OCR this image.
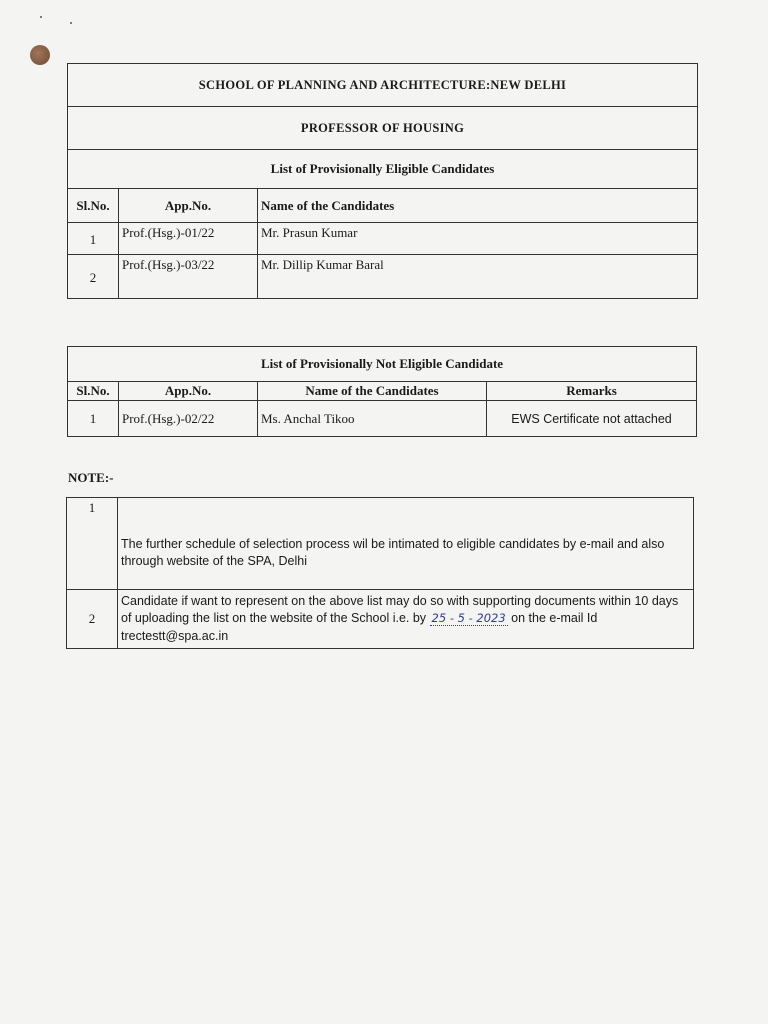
SCHOOL OF PLANNING AND ARCHITECTURE:NEW DELHI		
PROFESSOR OF HOUSING		
List of Provisionally Eligible Candidates		
Sl.No.	App.No.	Name of the Candidates
1	Prof.(Hsg.)-01/22	Mr. Prasun Kumar
2	Prof.(Hsg.)-03/22	Mr. Dillip Kumar Baral
List of Provisionally Not Eligible Candidate			
Sl.No.	App.No.	Name of the Candidates	Remarks
1	Prof.(Hsg.)-02/22	Ms. Anchal Tikoo	EWS Certificate not attached
NOTE:-
1	The further schedule of selection process wil be intimated to eligible candidates by e-mail and also through website of the SPA, Delhi
2	Candidate if want to represent on the above list may do so with supporting documents within 10 days of uploading the list on the website of the School i.e. by 25 - 5 - 2023 on the e-mail Id trectestt@spa.ac.in
